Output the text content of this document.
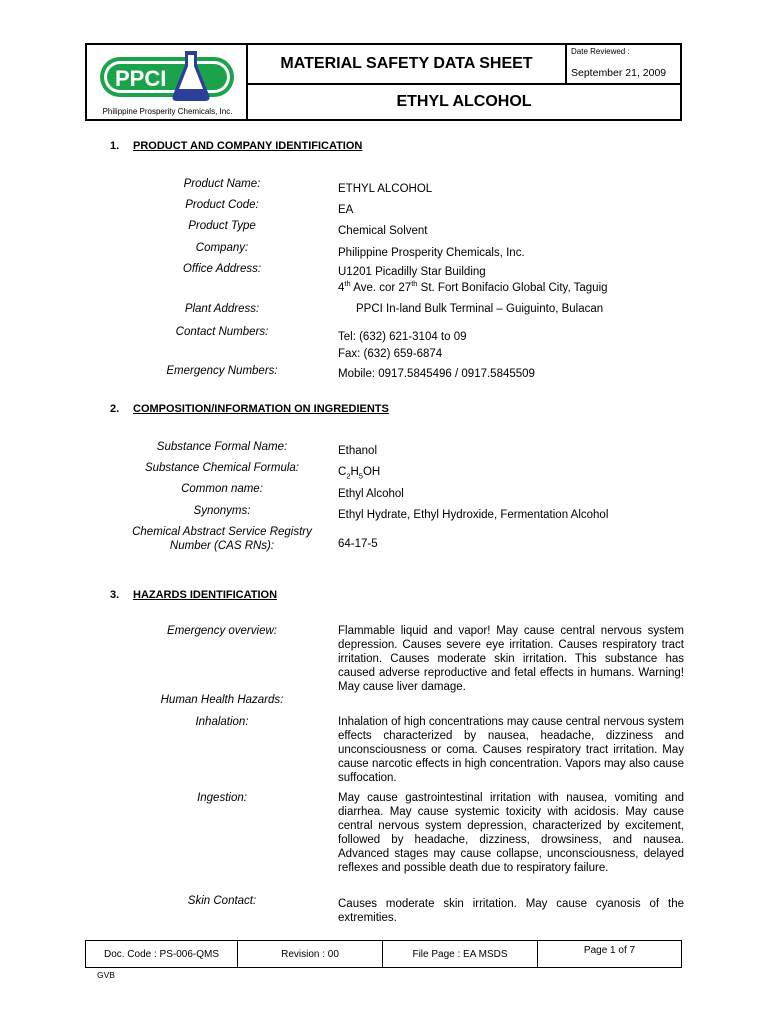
PPCI
Philippine Prosperity Chemicals, Inc.
MATERIAL SAFETY DATA SHEET
Date Reviewed :
September 21, 2009
ETHYL ALCOHOL
1. PRODUCT AND COMPANY IDENTIFICATION
Product Name:	ETHYL ALCOHOL
Product Code:	EA
Product Type	Chemical Solvent
Company:	Philippine Prosperity Chemicals, Inc.
Office Address:	U1201 Picadilly Star Building
4th Ave. cor 27th St. Fort Bonifacio Global City, Taguig
Plant Address:	PPCI In-land Bulk Terminal – Guiguinto, Bulacan
Contact Numbers:	Tel: (632) 621-3104 to 09
Fax: (632) 659-6874
Emergency Numbers:	Mobile: 0917.5845496 / 0917.5845509
2. COMPOSITION/INFORMATION ON INGREDIENTS
Substance Formal Name:	Ethanol
Substance Chemical Formula:	$C_2H_5OH$
Common name:	Ethyl Alcohol
Synonyms:	Ethyl Hydrate, Ethyl Hydroxide, Fermentation Alcohol
Chemical Abstract Service Registry
Number (CAS RNs):	64-17-5
3. HAZARDS IDENTIFICATION
Emergency overview:	Flammable liquid and vapor! May cause central nervous system depression. Causes severe eye irritation. Causes respiratory tract irritation. Causes moderate skin irritation. This substance has caused adverse reproductive and fetal effects in humans. Warning! May cause liver damage.
Human Health Hazards:
Inhalation:	Inhalation of high concentrations may cause central nervous system effects characterized by nausea, headache, dizziness and unconsciousness or coma. Causes respiratory tract irritation. May cause narcotic effects in high concentration. Vapors may also cause suffocation.
Ingestion:	May cause gastrointestinal irritation with nausea, vomiting and diarrhea. May cause systemic toxicity with acidosis. May cause central nervous system depression, characterized by excitement, followed by headache, dizziness, drowsiness, and nausea. Advanced stages may cause collapse, unconsciousness, delayed reflexes and possible death due to respiratory failure.
Skin Contact:	Causes moderate skin irritation. May cause cyanosis of the extremities.
Doc. Code : PS-006-QMS	Revision : 00	File Page : EA MSDS	Page 1 of 7
GVB
